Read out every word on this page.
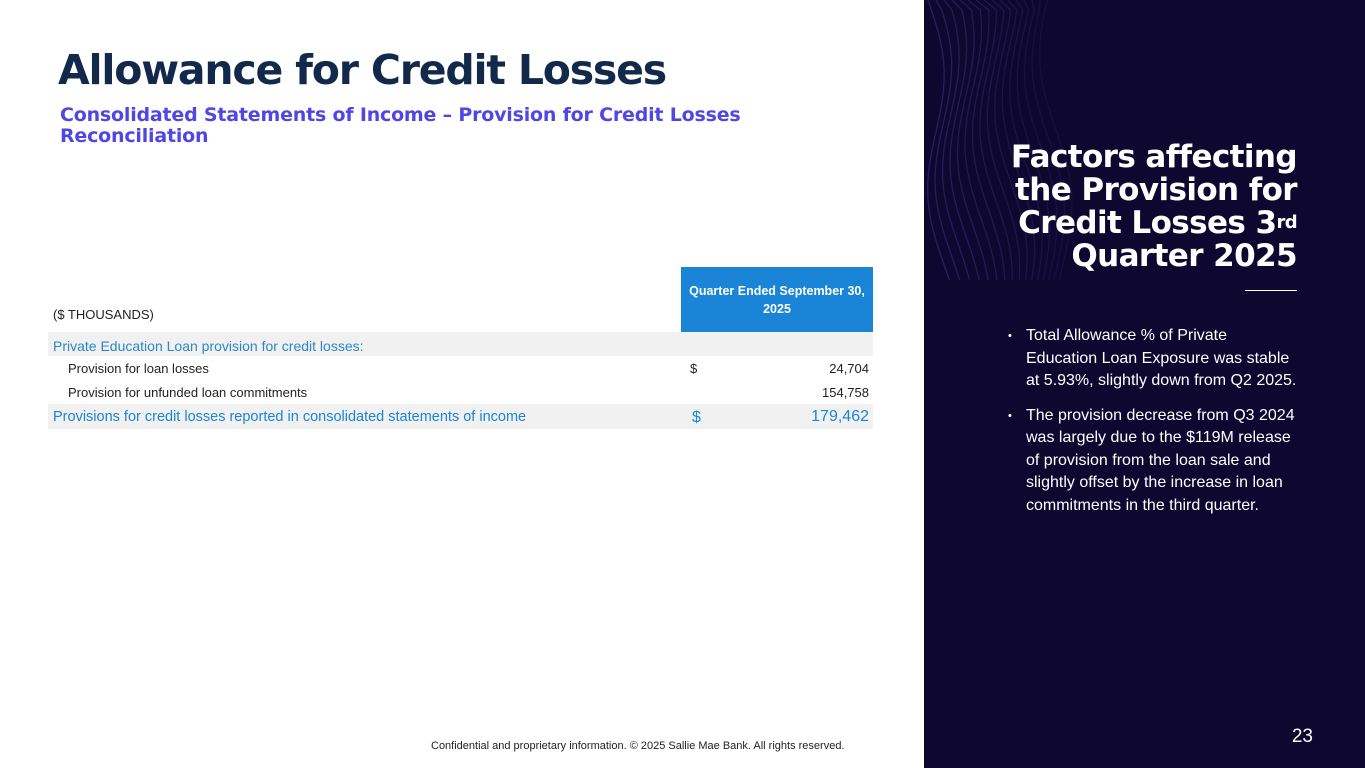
Allowance for Credit Losses
Consolidated Statements of Income – Provision for Credit Losses Reconciliation
($ THOUSANDS)
Quarter Ended September 30, 2025
Private Education Loan provision for credit losses:
Provision for loan losses	$	24,704
Provision for unfunded loan commitments	154,758
Provisions for credit losses reported in consolidated statements of income	$	179,462
Confidential and proprietary information. © 2025 Sallie Mae Bank. All rights reserved.
Factors affecting
the Provision for
Credit Losses 3rd
Quarter 2025
• Total Allowance % of Private Education Loan Exposure was stable at 5.93%, slightly down from Q2 2025.
• The provision decrease from Q3 2024 was largely due to the $119M release of provision from the loan sale and slightly offset by the increase in loan commitments in the third quarter.
23
